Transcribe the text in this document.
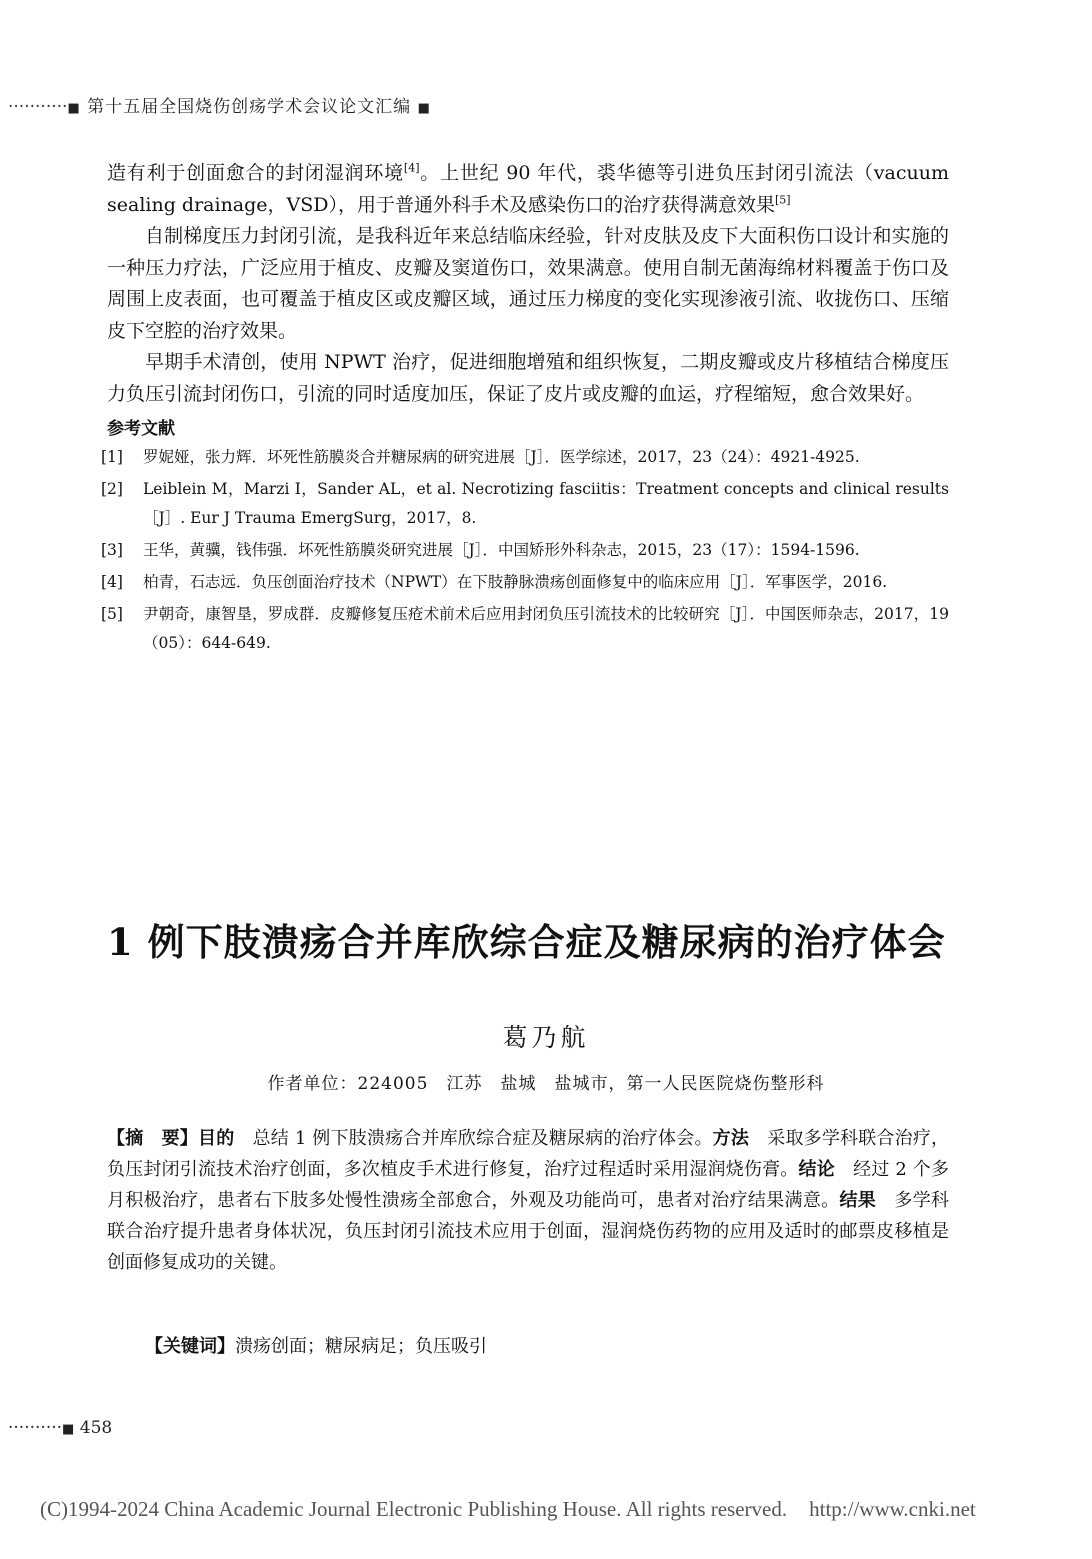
···········■ 第十五届全国烧伤创疡学术会议论文汇编 ■

造有利于创面愈合的封闭湿润环境[4]。上世纪 90 年代，裘华德等引进负压封闭引流法（vacuum sealing drainage，VSD），用于普通外科手术及感染伤口的治疗获得满意效果[5]

自制梯度压力封闭引流，是我科近年来总结临床经验，针对皮肤及皮下大面积伤口设计和实施的一种压力疗法，广泛应用于植皮、皮瓣及窦道伤口，效果满意。使用自制无菌海绵材料覆盖于伤口及周围上皮表面，也可覆盖于植皮区或皮瓣区域，通过压力梯度的变化实现渗液引流、收拢伤口、压缩皮下空腔的治疗效果。

早期手术清创，使用 NPWT 治疗，促进细胞增殖和组织恢复，二期皮瓣或皮片移植结合梯度压力负压引流封闭伤口，引流的同时适度加压，保证了皮片或皮瓣的血运，疗程缩短，愈合效果好。

参考文献
[1] 罗妮娅，张力辉．坏死性筋膜炎合并糖尿病的研究进展［J］．医学综述，2017，23（24）：4921-4925.
[2] Leiblein M，Marzi I，Sander AL，et al. Necrotizing fasciitis：Treatment concepts and clinical results［J］. Eur J Trauma EmergSurg，2017，8.
[3] 王华，黄骥，钱伟强．坏死性筋膜炎研究进展［J］．中国矫形外科杂志，2015，23（17）：1594-1596.
[4] 柏青，石志远．负压创面治疗技术（NPWT）在下肢静脉溃疡创面修复中的临床应用［J］．军事医学，2016.
[5] 尹朝奇，康智垦，罗成群．皮瓣修复压疮术前术后应用封闭负压引流技术的比较研究［J］．中国医师杂志，2017，19（05）：644-649.
1 例下肢溃疡合并库欣综合症及糖尿病的治疗体会
葛乃航
作者单位：224005　江苏　盐城　盐城市，第一人民医院烧伤整形科

【摘　要】目的　总结 1 例下肢溃疡合并库欣综合症及糖尿病的治疗体会。方法　采取多学科联合治疗，负压封闭引流技术治疗创面，多次植皮手术进行修复，治疗过程适时采用湿润烧伤膏。结论　经过 2 个多月积极治疗，患者右下肢多处慢性溃疡全部愈合，外观及功能尚可，患者对治疗结果满意。结果　多学科联合治疗提升患者身体状况，负压封闭引流技术应用于创面，湿润烧伤药物的应用及适时的邮票皮移植是创面修复成功的关键。

【关键词】溃疡创面；糖尿病足；负压吸引

··········■ 458
(C)1994-2024 China Academic Journal Electronic Publishing House. All rights reserved. http://www.cnki.net
